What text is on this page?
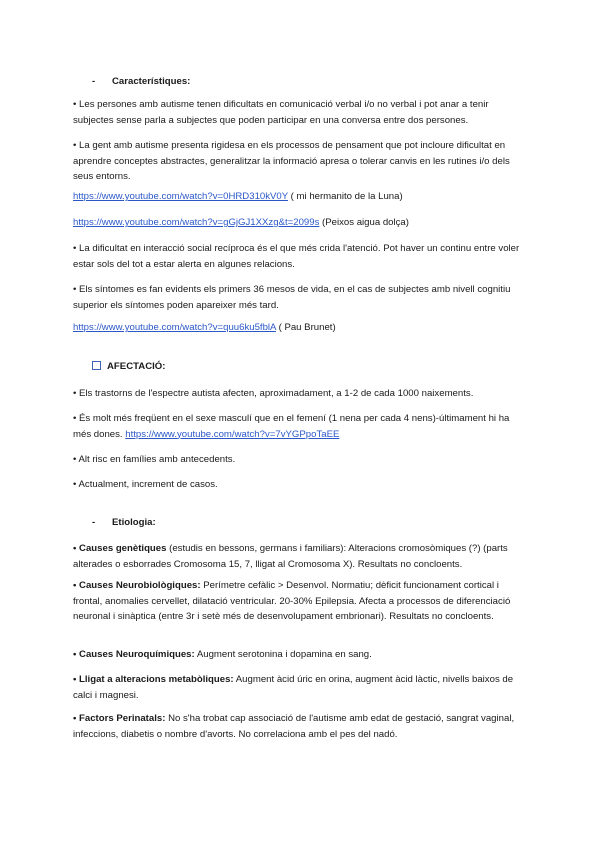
- Característiques:
• Les persones amb autisme tenen dificultats en comunicació verbal i/o no verbal i pot anar a tenir subjectes sense parla a subjectes que poden participar en una conversa entre dos persones.
• La gent amb autisme presenta rigidesa en els processos de pensament que pot incloure dificultat en aprendre conceptes abstractes, generalitzar la informació apresa o tolerar canvis en les rutines i/o dels seus entorns.
https://www.youtube.com/watch?v=0HRD310kV0Y ( mi hermanito de la Luna)
https://www.youtube.com/watch?v=gGjGJ1XXzg&t=2099s (Peixos aigua dolça)
• La dificultat en interacció social recíproca és el que més crida l'atenció. Pot haver un continu entre voler estar sols del tot a estar alerta en algunes relacions.
• Els síntomes es fan evidents els primers 36 mesos de vida, en el cas de subjectes amb nivell cognitiu superior els síntomes poden apareixer més tard.
https://www.youtube.com/watch?v=quu6ku5fblA ( Pau Brunet)
AFECTACIÓ:
• Els trastorns de l'espectre autista afecten, aproximadament, a 1-2 de cada 1000 naixements.
• És molt més freqüent en el sexe masculí que en el femení (1 nena per cada 4 nens)-últimament hi ha més dones. https://www.youtube.com/watch?v=7vYGPpoTaEE
• Alt risc en famílies amb antecedents.
• Actualment, increment de casos.
- Etiologia:
• Causes genètiques (estudis en bessons, germans i familiars): Alteracions cromosòmiques (?) (parts alterades o esborrades Cromosoma 15, 7, lligat al Cromosoma X). Resultats no concloents.
• Causes Neurobiològiques: Perímetre cefàlic > Desenvol. Normatiu; dèficit funcionament cortical i frontal, anomalies cervellet, dilatació ventricular. 20-30% Epilepsia. Afecta a processos de diferenciació neuronal i sinàptica (entre 3r i setè més de desenvolupament embrionari). Resultats no concloents.
• Causes Neuroquímiques: Augment serotonina i dopamina en sang.
• Lligat a alteracions metabòliques: Augment àcid úric en orina, augment àcid làctic, nivells baixos de calci i magnesi.
• Factors Perinatals: No s'ha trobat cap associació de l'autisme amb edat de gestació, sangrat vaginal, infeccions, diabetis o nombre d'avorts. No correlaciona amb el pes del nadó.
